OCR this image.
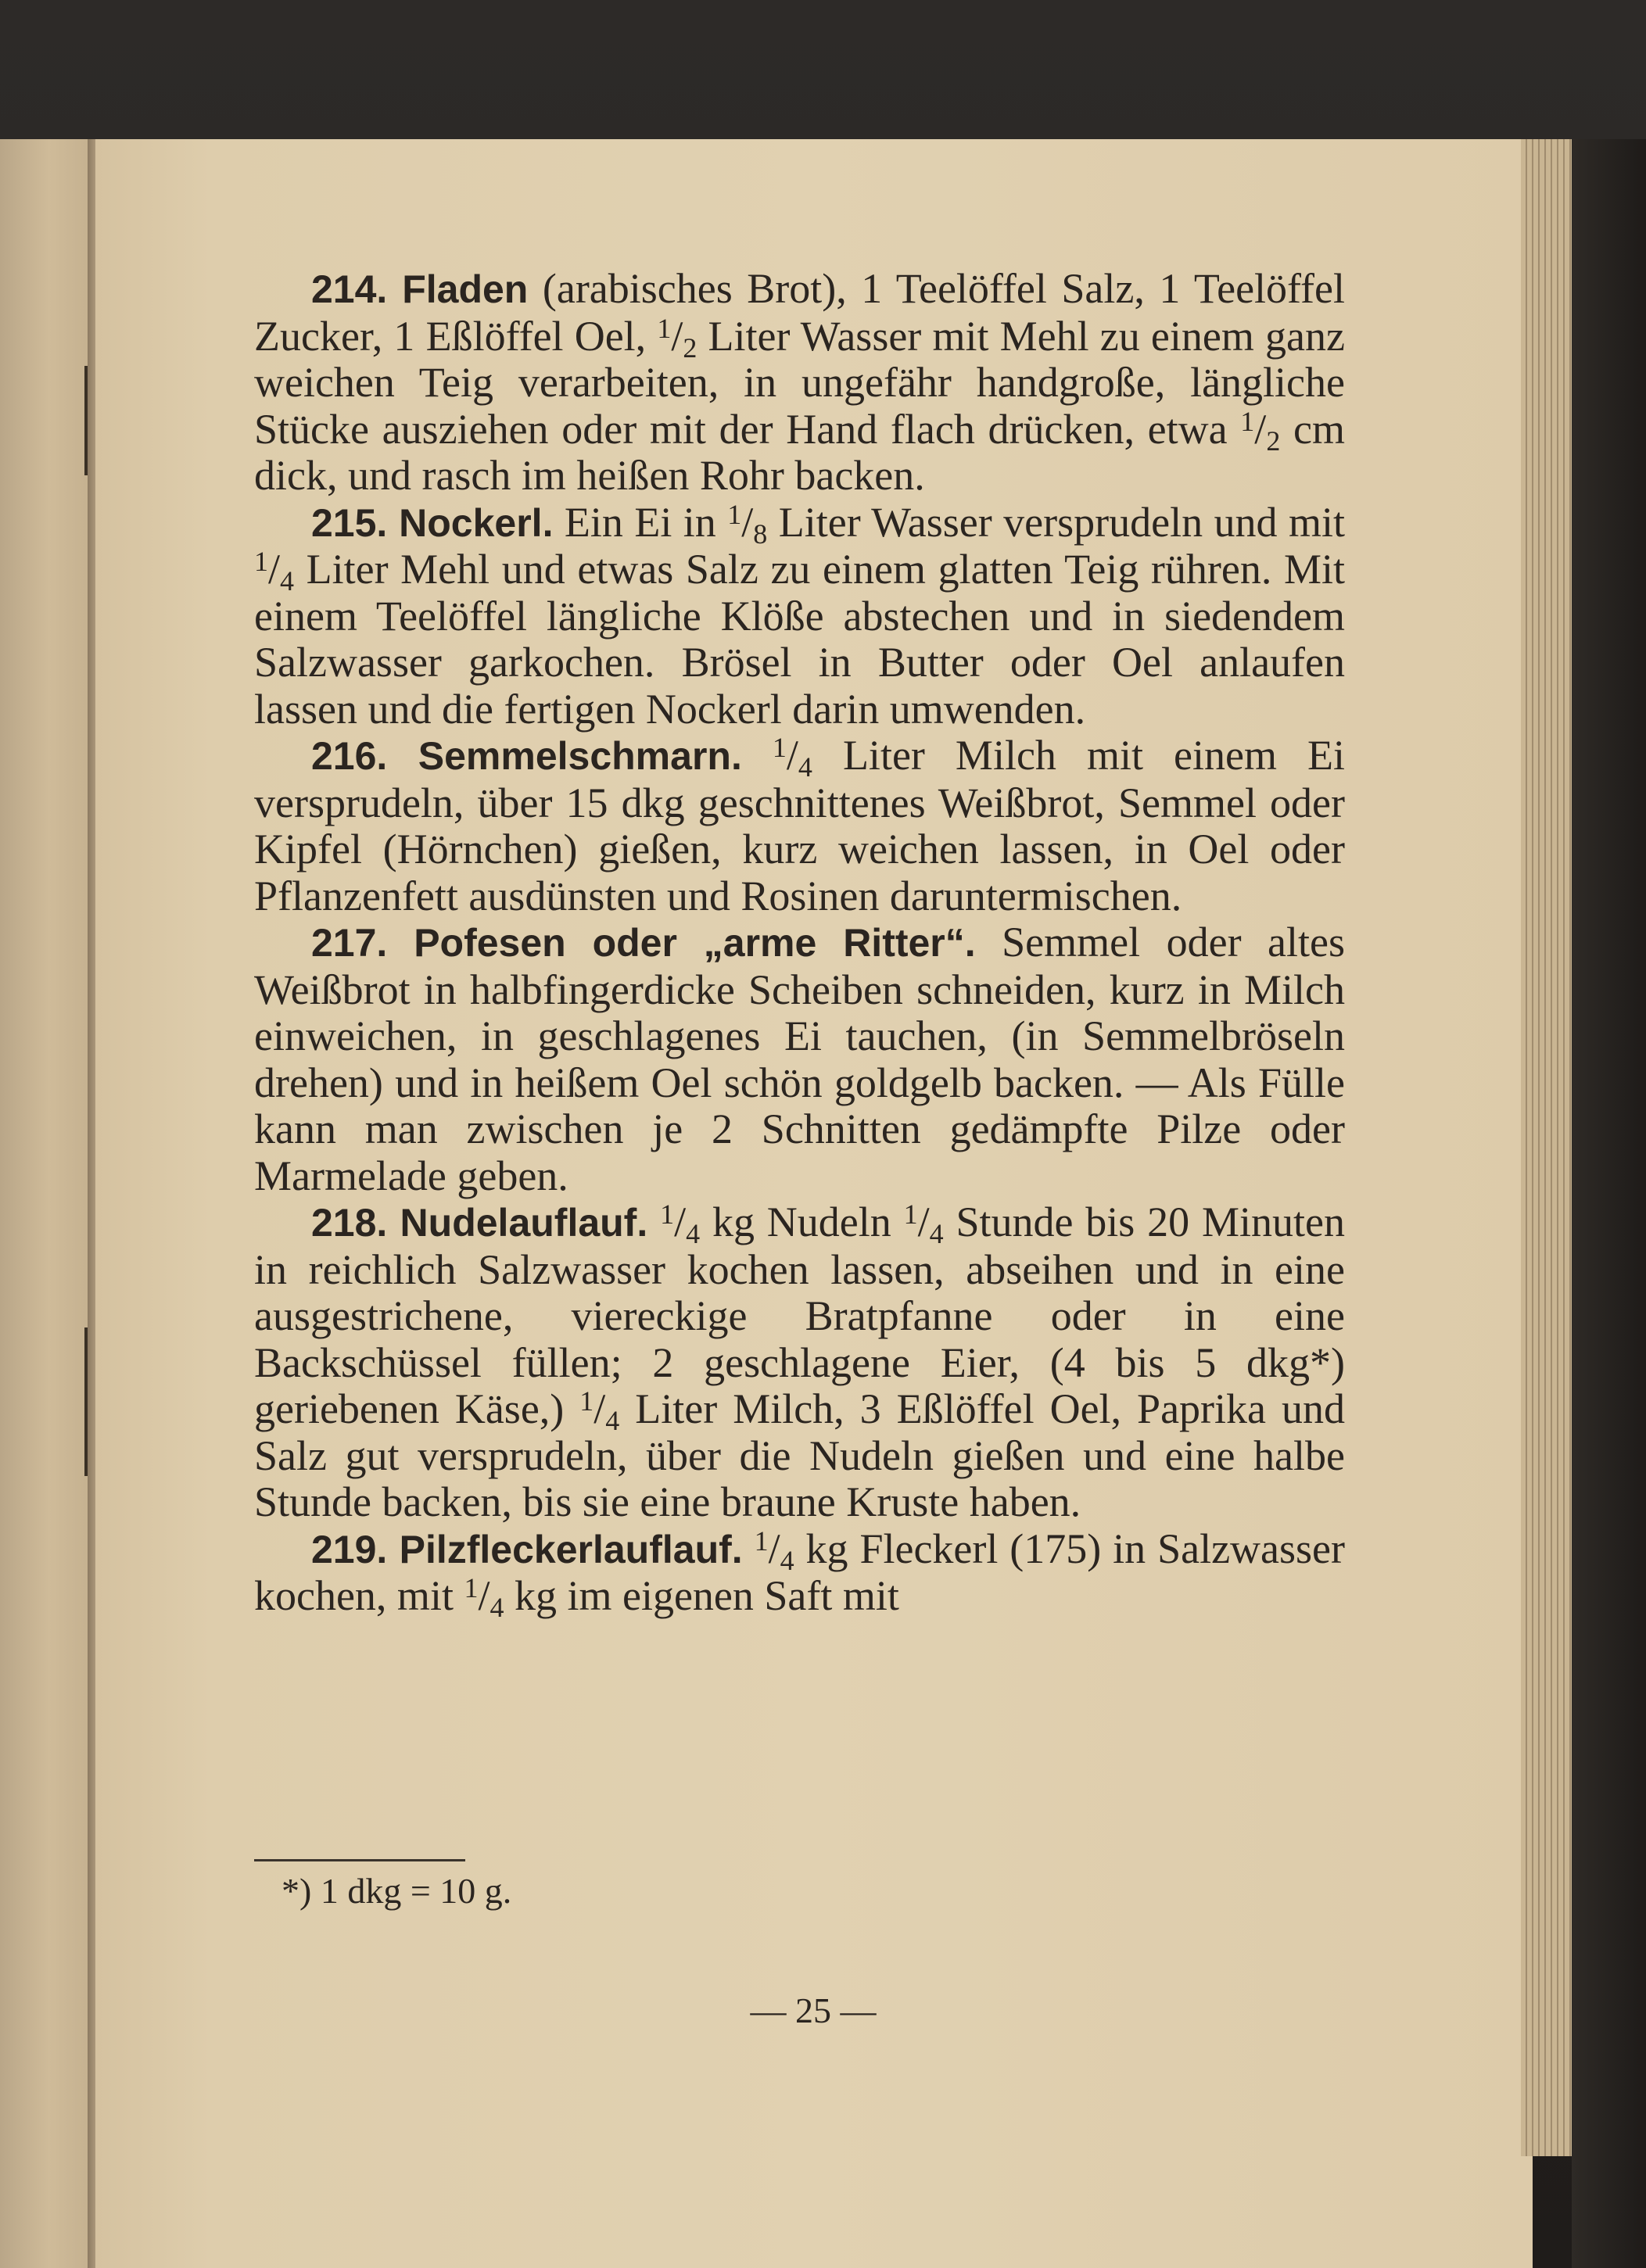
214. Fladen (arabisches Brot), 1 Teelöffel Salz, 1 Teelöffel Zucker, 1 Eßlöffel Oel, $^1/_2$ Liter Wasser mit Mehl zu einem ganz weichen Teig verarbeiten, in ungefähr handgroße, längliche Stücke ausziehen oder mit der Hand flach drücken, etwa $^1/_2$ cm dick, und rasch im heißen Rohr backen.

215. Nockerl. Ein Ei in $^1/_8$ Liter Wasser versprudeln und mit $^1/_4$ Liter Mehl und etwas Salz zu einem glatten Teig rühren. Mit einem Teelöffel längliche Klöße abstechen und in siedendem Salzwasser garkochen. Brösel in Butter oder Oel anlaufen lassen und die fertigen Nockerl darin umwenden.

216. Semmelschmarn. $^1/_4$ Liter Milch mit einem Ei versprudeln, über 15 dkg geschnittenes Weißbrot, Semmel oder Kipfel (Hörnchen) gießen, kurz weichen lassen, in Oel oder Pflanzenfett ausdünsten und Rosinen daruntermischen.

217. Pofesen oder „arme Ritter“. Semmel oder altes Weißbrot in halbfingerdicke Scheiben schneiden, kurz in Milch einweichen, in geschlagenes Ei tauchen, (in Semmelbröseln drehen) und in heißem Oel schön goldgelb backen. — Als Fülle kann man zwischen je 2 Schnitten gedämpfte Pilze oder Marmelade geben.

218. Nudelauflauf. $^1/_4$ kg Nudeln $^1/_4$ Stunde bis 20 Minuten in reichlich Salzwasser kochen lassen, abseihen und in eine ausgestrichene, viereckige Bratpfanne oder in eine Backschüssel füllen; 2 geschlagene Eier, (4 bis 5 dkg*) geriebenen Käse,) $^1/_4$ Liter Milch, 3 Eßlöffel Oel, Paprika und Salz gut versprudeln, über die Nudeln gießen und eine halbe Stunde backen, bis sie eine braune Kruste haben.

219. Pilzfleckerlauflauf. $^1/_4$ kg Fleckerl (175) in Salzwasser kochen, mit $^1/_4$ kg im eigenen Saft mit

*) 1 dkg = 10 g.
— 25 —
